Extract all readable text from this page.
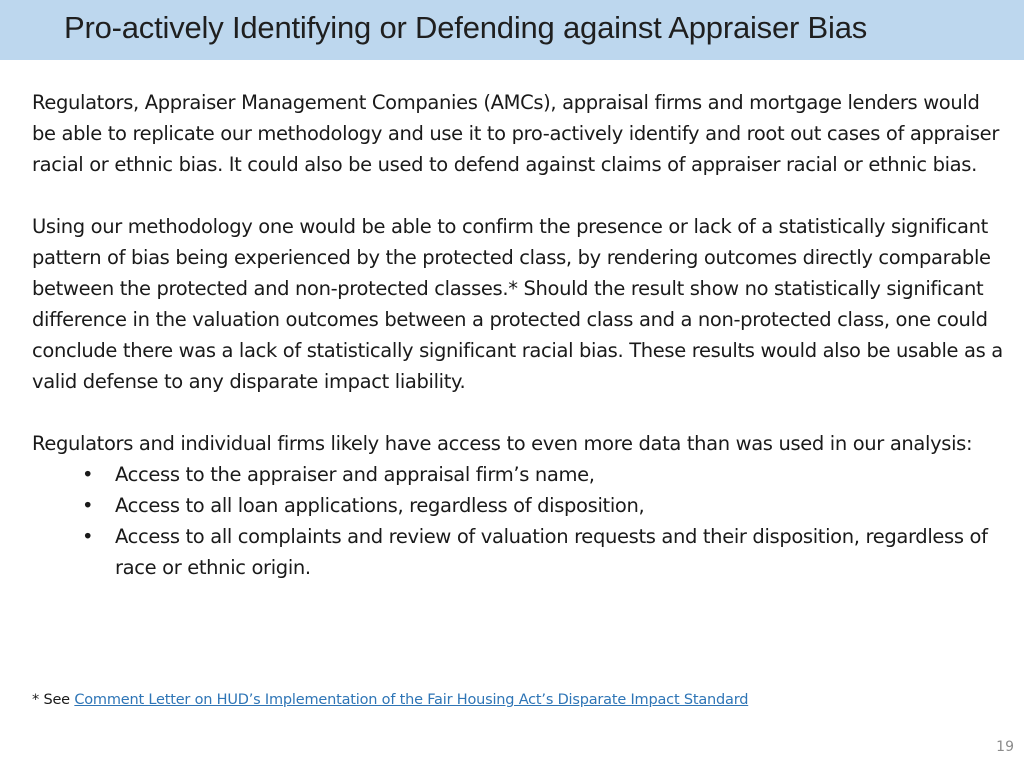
Pro-actively Identifying or Defending against Appraiser Bias

Regulators, Appraiser Management Companies (AMCs), appraisal firms and mortgage lenders would be able to replicate our methodology and use it to pro-actively identify and root out cases of appraiser racial or ethnic bias. It could also be used to defend against claims of appraiser racial or ethnic bias.

Using our methodology one would be able to confirm the presence or lack of a statistically significant pattern of bias being experienced by the protected class, by rendering outcomes directly comparable between the protected and non-protected classes.* Should the result show no statistically significant difference in the valuation outcomes between a protected class and a non-protected class, one could conclude there was a lack of statistically significant racial bias. These results would also be usable as a valid defense to any disparate impact liability.

Regulators and individual firms likely have access to even more data than was used in our analysis:

• Access to the appraiser and appraisal firm’s name,
• Access to all loan applications, regardless of disposition,
• Access to all complaints and review of valuation requests and their disposition, regardless of race or ethnic origin.
* See Comment Letter on HUD’s Implementation of the Fair Housing Act’s Disparate Impact Standard
19
